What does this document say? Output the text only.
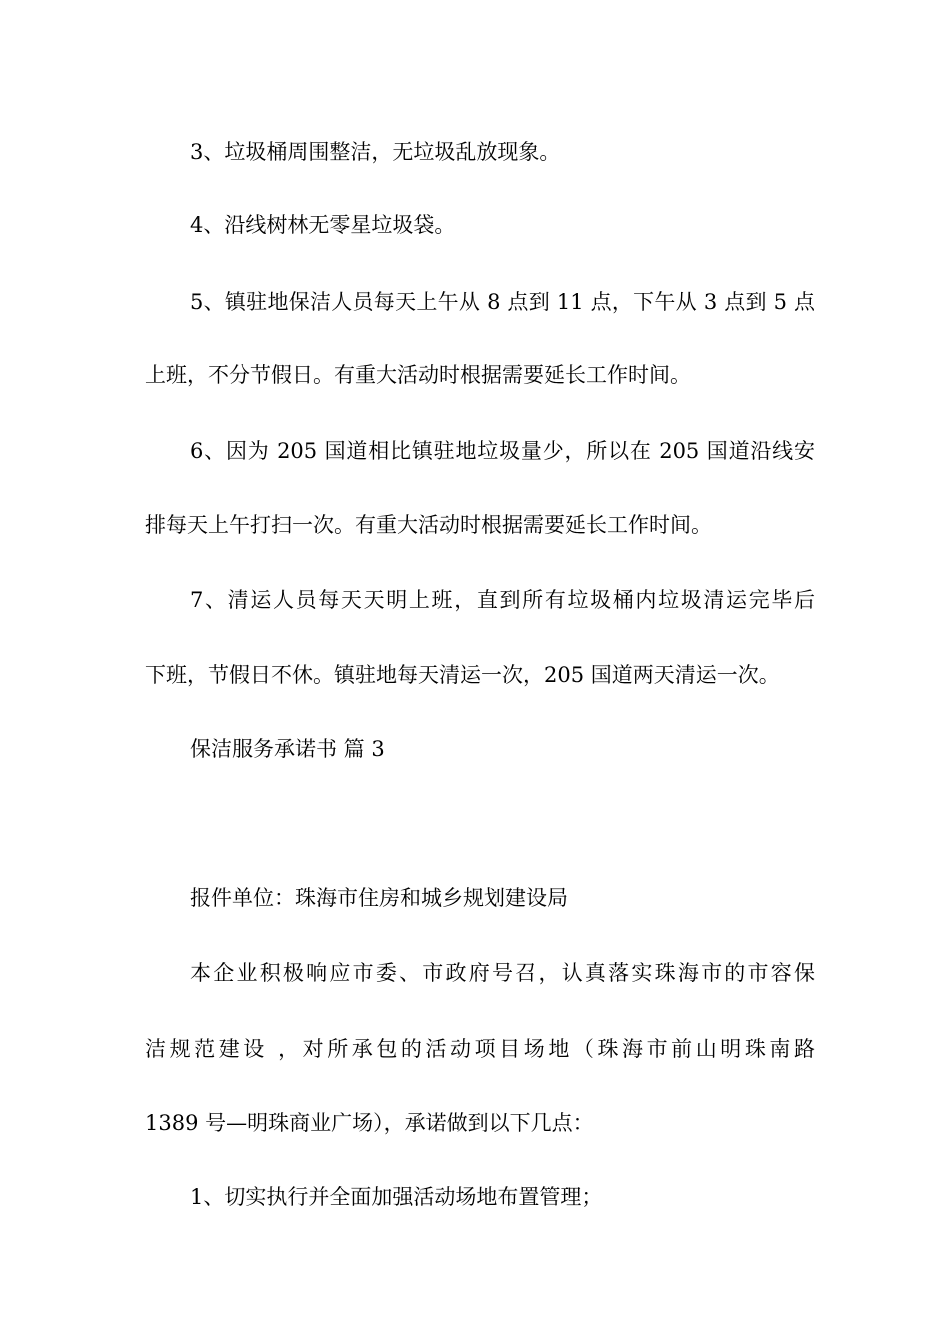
3、垃圾桶周围整洁，无垃圾乱放现象。
4、沿线树林无零星垃圾袋。
5、镇驻地保洁人员每天上午从 8 点到 11 点，下午从 3 点到 5 点
上班，不分节假日。有重大活动时根据需要延长工作时间。
6、因为 205 国道相比镇驻地垃圾量少，所以在 205 国道沿线安
排每天上午打扫一次。有重大活动时根据需要延长工作时间。
7、清运人员每天天明上班，直到所有垃圾桶内垃圾清运完毕后
下班，节假日不休。镇驻地每天清运一次，205 国道两天清运一次。
保洁服务承诺书 篇 3
报件单位：珠海市住房和城乡规划建设局
本企业积极响应市委、市政府号召，认真落实珠海市的市容保
洁规范建设 ，对所承包的活动项目场地（珠海市前山明珠南路
1389 号—明珠商业广场），承诺做到以下几点：
1、切实执行并全面加强活动场地布置管理；
